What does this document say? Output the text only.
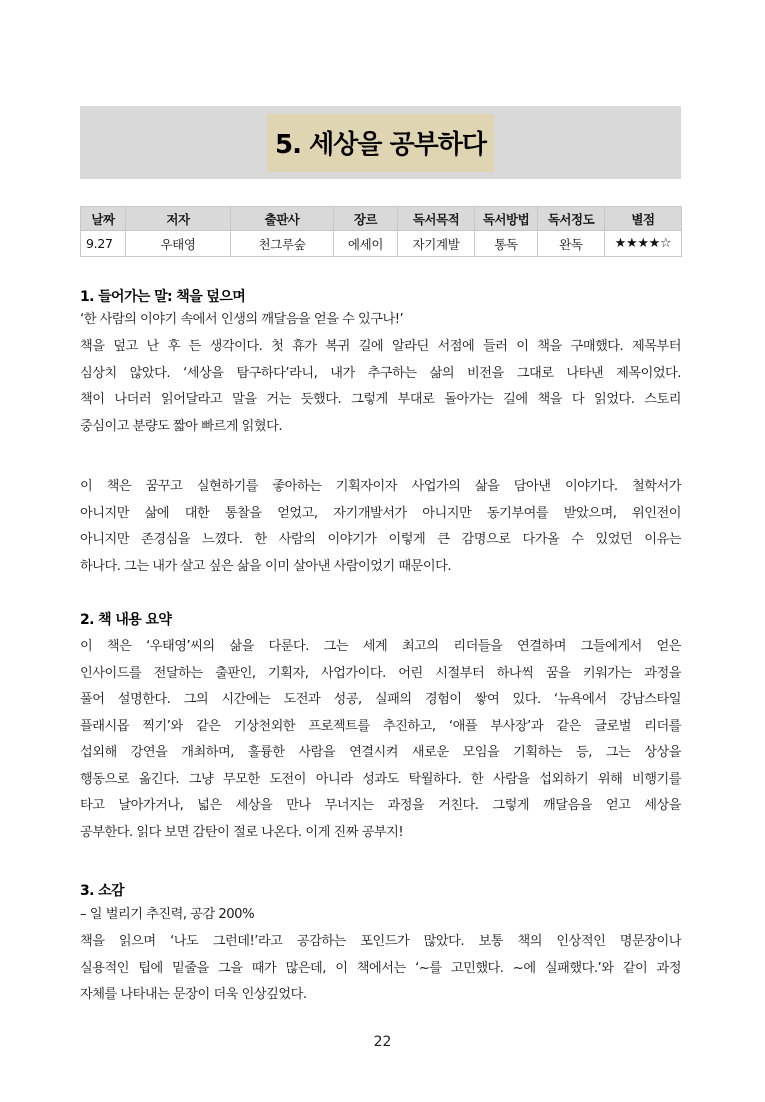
5. 세상을 공부하다
날짜	저자	출판사	장르	독서목적	독서방법	독서정도	별점
9.27	우태영	천그루숲	에세이	자기계발	통독	완독	★★★★☆
1. 들어가는 말: 책을 덮으며
‘한 사람의 이야기 속에서 인생의 깨달음을 얻을 수 있구나!’
책을 덮고 난 후 든 생각이다. 첫 휴가 복귀 길에 알라딘 서점에 들러 이 책을 구매했다. 제목부터
심상치 않았다. ‘세상을 탐구하다’라니, 내가 추구하는 삶의 비전을 그대로 나타낸 제목이었다.
책이 나더러 읽어달라고 말을 거는 듯했다. 그렇게 부대로 돌아가는 길에 책을 다 읽었다. 스토리
중심이고 분량도 짧아 빠르게 읽혔다.
이 책은 꿈꾸고 실현하기를 좋아하는 기획자이자 사업가의 삶을 담아낸 이야기다. 철학서가
아니지만 삶에 대한 통찰을 얻었고, 자기개발서가 아니지만 동기부여를 받았으며, 위인전이
아니지만 존경심을 느꼈다. 한 사람의 이야기가 이렇게 큰 감명으로 다가올 수 있었던 이유는
하나다. 그는 내가 살고 싶은 삶을 이미 살아낸 사람이었기 때문이다.
2. 책 내용 요약
이 책은 ‘우태영’씨의 삶을 다룬다. 그는 세계 최고의 리더들을 연결하며 그들에게서 얻은
인사이드를 전달하는 출판인, 기획자, 사업가이다. 어린 시절부터 하나씩 꿈을 키워가는 과정을
풀어 설명한다. 그의 시간에는 도전과 성공, 실패의 경험이 쌓여 있다. ‘뉴욕에서 강남스타일
플래시몹 찍기’와 같은 기상천외한 프로젝트를 추진하고, ‘애플 부사장’과 같은 글로벌 리더를
섭외해 강연을 개최하며, 훌륭한 사람을 연결시켜 새로운 모임을 기획하는 등, 그는 상상을
행동으로 옮긴다. 그냥 무모한 도전이 아니라 성과도 탁월하다. 한 사람을 섭외하기 위해 비행기를
타고 날아가거나, 넓은 세상을 만나 무너지는 과정을 거친다. 그렇게 깨달음을 얻고 세상을
공부한다. 읽다 보면 감탄이 절로 나온다. 이게 진짜 공부지!
3. 소감
– 일 벌리기 추진력, 공감 200%
책을 읽으며 ‘나도 그런데!’라고 공감하는 포인드가 많았다. 보통 책의 인상적인 명문장이나
실용적인 팁에 밑줄을 그을 때가 많은데, 이 책에서는 ‘~를 고민했다. ~에 실패했다.’와 같이 과정
자체를 나타내는 문장이 더욱 인상깊었다.
22
